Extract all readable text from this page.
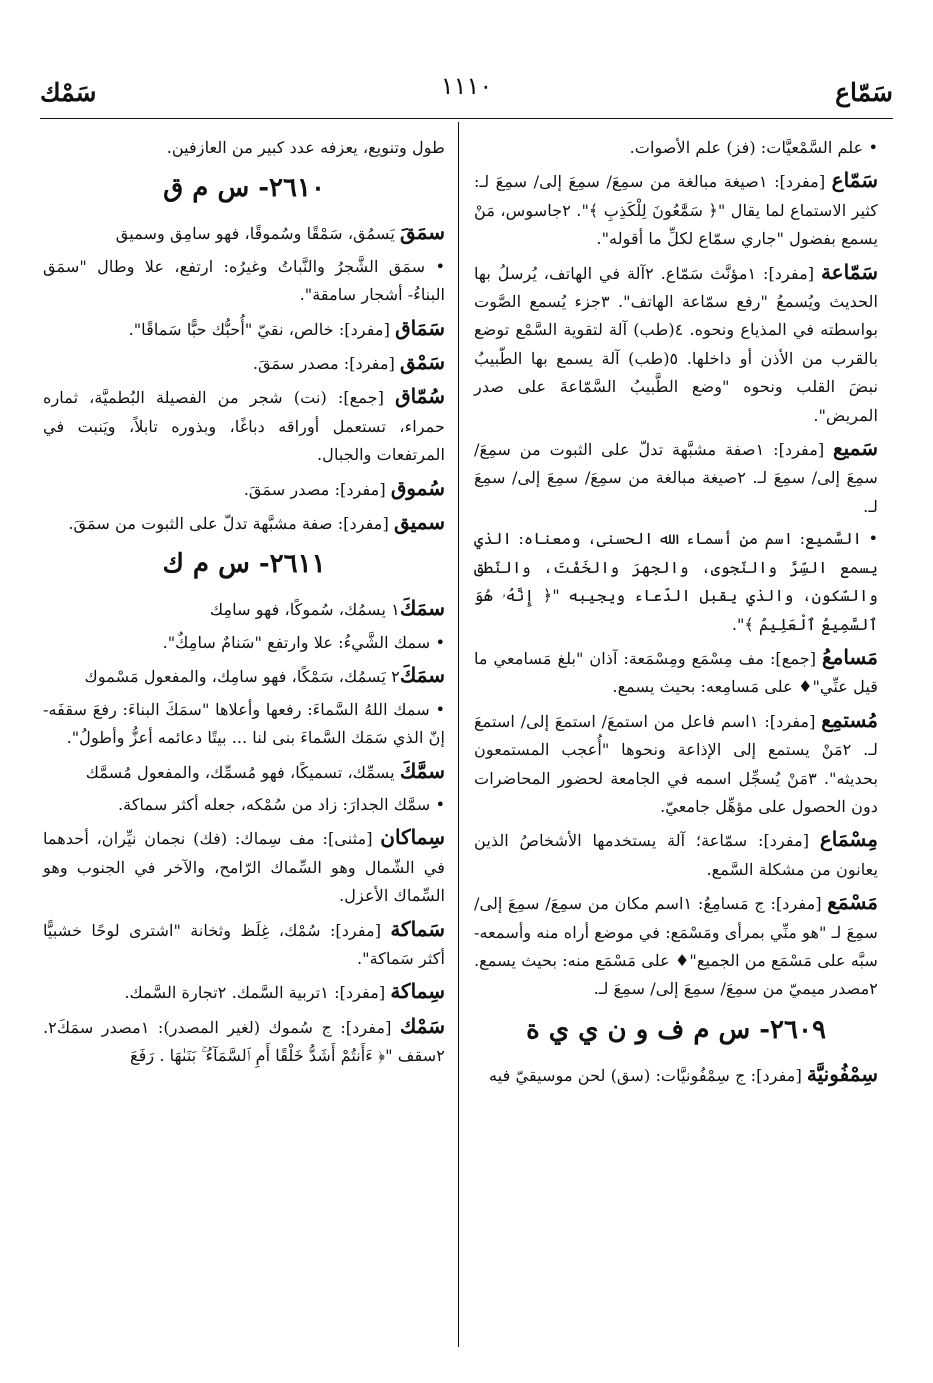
سَمّاع
١١١٠
سَمْك

• علم السَّمْعيَّات: (فز) علم الأصوات.

سَمّاع [مفرد]: ١صيغة مبالغة من سمِعَ/ سمِعَ إلى/ سمِعَ لـ: كثير الاستماع لما يقال "﴿ سَمَّٰعُونَ لِلْكَذِبِ ﴾". ٢جاسوس، مَنْ يسمع بفضول "جاري سمّاع لكلِّ ما أقوله".

سَمّاعة [مفرد]: ١مؤنَّث سَمّاع. ٢آلة في الهاتف، يُرسلُ بها الحديث ويُسمعُ "رفع سمّاعة الهاتف". ٣جزء يُسمع الصَّوت بواسطته في المذياع ونحوه. ٤(طب) آلة لتقوية السَّمْع توضع بالقرب من الأذن أو داخلها. ٥(طب) آلة يسمع بها الطّبيبُ نبضَ القلب ونحوه "وضع الطَّبيبُ السَّمّاعةَ على صدر المريض".

سَميع [مفرد]: ١صفة مشبَّهة تدلّ على الثبوت من سمِعَ/ سمِعَ إلى/ سمِعَ لـ. ٢صيغة مبالغة من سمِعَ/ سمِعَ إلى/ سمِعَ لـ.

• السَّميع: اسم من أسماء الله الحسنى، ومعناه: الذي يسمع السِّرَّ والنّجوى، والجهرَ والخَفْتَ، والنّطق والسّكون، والذي يقبل الدّعاء ويجيبه "﴿ إِنَّهُۥ هُوَ ٱلسَّمِيعُ ٱلْعَلِيمُ ﴾".

مَسامعُ [جمع]: مف مِسْمَع ومِسْمَعة: آذان "بلغ مَسامعي ما قيل عنِّي"♦ على مَسامِعه: بحيث يسمع.

مُستمِع [مفرد]: ١اسم فاعل من استمعَ/ استمعَ إلى/ استمعَ لـ. ٢مَنْ يستمع إلى الإذاعة ونحوها "أُعجب المستمعون بحديثه". ٣مَنْ يُسجِّل اسمه في الجامعة لحضور المحاضرات دون الحصول على مؤهِّل جامعيّ.

مِسْمَاع [مفرد]: سمّاعة؛ آلة يستخدمها الأشخاصُ الذين يعانون من مشكلة السَّمع.

مَسْمَع [مفرد]: ج مَسامِعُ: ١اسم مكان من سمِعَ/ سمِعَ إلى/ سمِعَ لـ "هو منِّي بمرأى ومَسْمَع: في موضع أراه منه وأسمعه- سبَّه على مَسْمَع من الجميع"♦ على مَسْمَع منه: بحيث يسمع. ٢مصدر ميميّ من سمِعَ/ سمِعَ إلى/ سمِعَ لـ.

٢٦٠٩- س م ف و ن ي ي ة

سِمْفُونيَّة [مفرد]: ج سِمْفُونيَّات: (سق) لحن موسيقيّ فيه

طول وتنويع، يعزفه عدد كبير من العازفين.

٢٦١٠- س م ق

سمَقَ يَسمُق، سَمْقًا وسُموقًا، فهو سامِق وسميق

• سمَق الشَّجرُ والنَّباتُ وغيرُه: ارتفع، علا وطال "سمَق البناءُ- أشجار سامقة".

سَمَاق [مفرد]: خالص، نقيّ "أُحبُّك حبًّا سَماقًا".

سَمْق [مفرد]: مصدر سمَقَ.

سُمّاق [جمع]: (نت) شجر من الفصيلة البُطميَّة، ثماره حمراء، تستعمل أوراقه دباغًا، وبذوره تابلاً، ويَنبت في المرتفعات والجبال.

سُموق [مفرد]: مصدر سمَقَ.

سميق [مفرد]: صفة مشبَّهة تدلّ على الثبوت من سمَقَ.

٢٦١١- س م ك

سمَكَ١ يسمُك، سُموكًا، فهو سامِك

• سمك الشَّيءُ: علا وارتفع "سَنامٌ سامِكٌ".

سمَكَ٢ يَسمُك، سَمْكًا، فهو سامِك، والمفعول مَسْموك

• سمك اللهُ السَّماءَ: رفعها وأعلاها "سمَكَ البناءَ: رفعَ سقفَه- إنّ الذي سَمَك السَّماءَ بنى لنا ... بيتًا دعائمه أعزُّ وأطولُ".

سمَّكَ يسمِّك، تسميكًا، فهو مُسمِّك، والمفعول مُسمَّك

• سمَّك الجدارَ: زاد من سُمْكه، جعله أكثر سماكة.

سِماكان [مثنى]: مف سِماك: (فك) نجمان نيِّران، أحدهما في الشّمال وهو السِّماك الرّامح، والآخر في الجنوب وهو السِّماك الأعزل.

سَماكة [مفرد]: سُمْك، غِلَظ وثخانة "اشترى لوحًا خشبيًّا أكثر سَماكة".

سِماكة [مفرد]: ١تربية السَّمك. ٢تجارة السَّمك.

سَمْك [مفرد]: ج سُموك (لغير المصدر): ١مصدر سمَكَ٢. ٢سقف "﴿ ءَأَنتُمْ أَشَدُّ خَلْقًا أَمِ ٱلسَّمَآءُ ۚ بَنَىٰهَا . رَفَعَ
